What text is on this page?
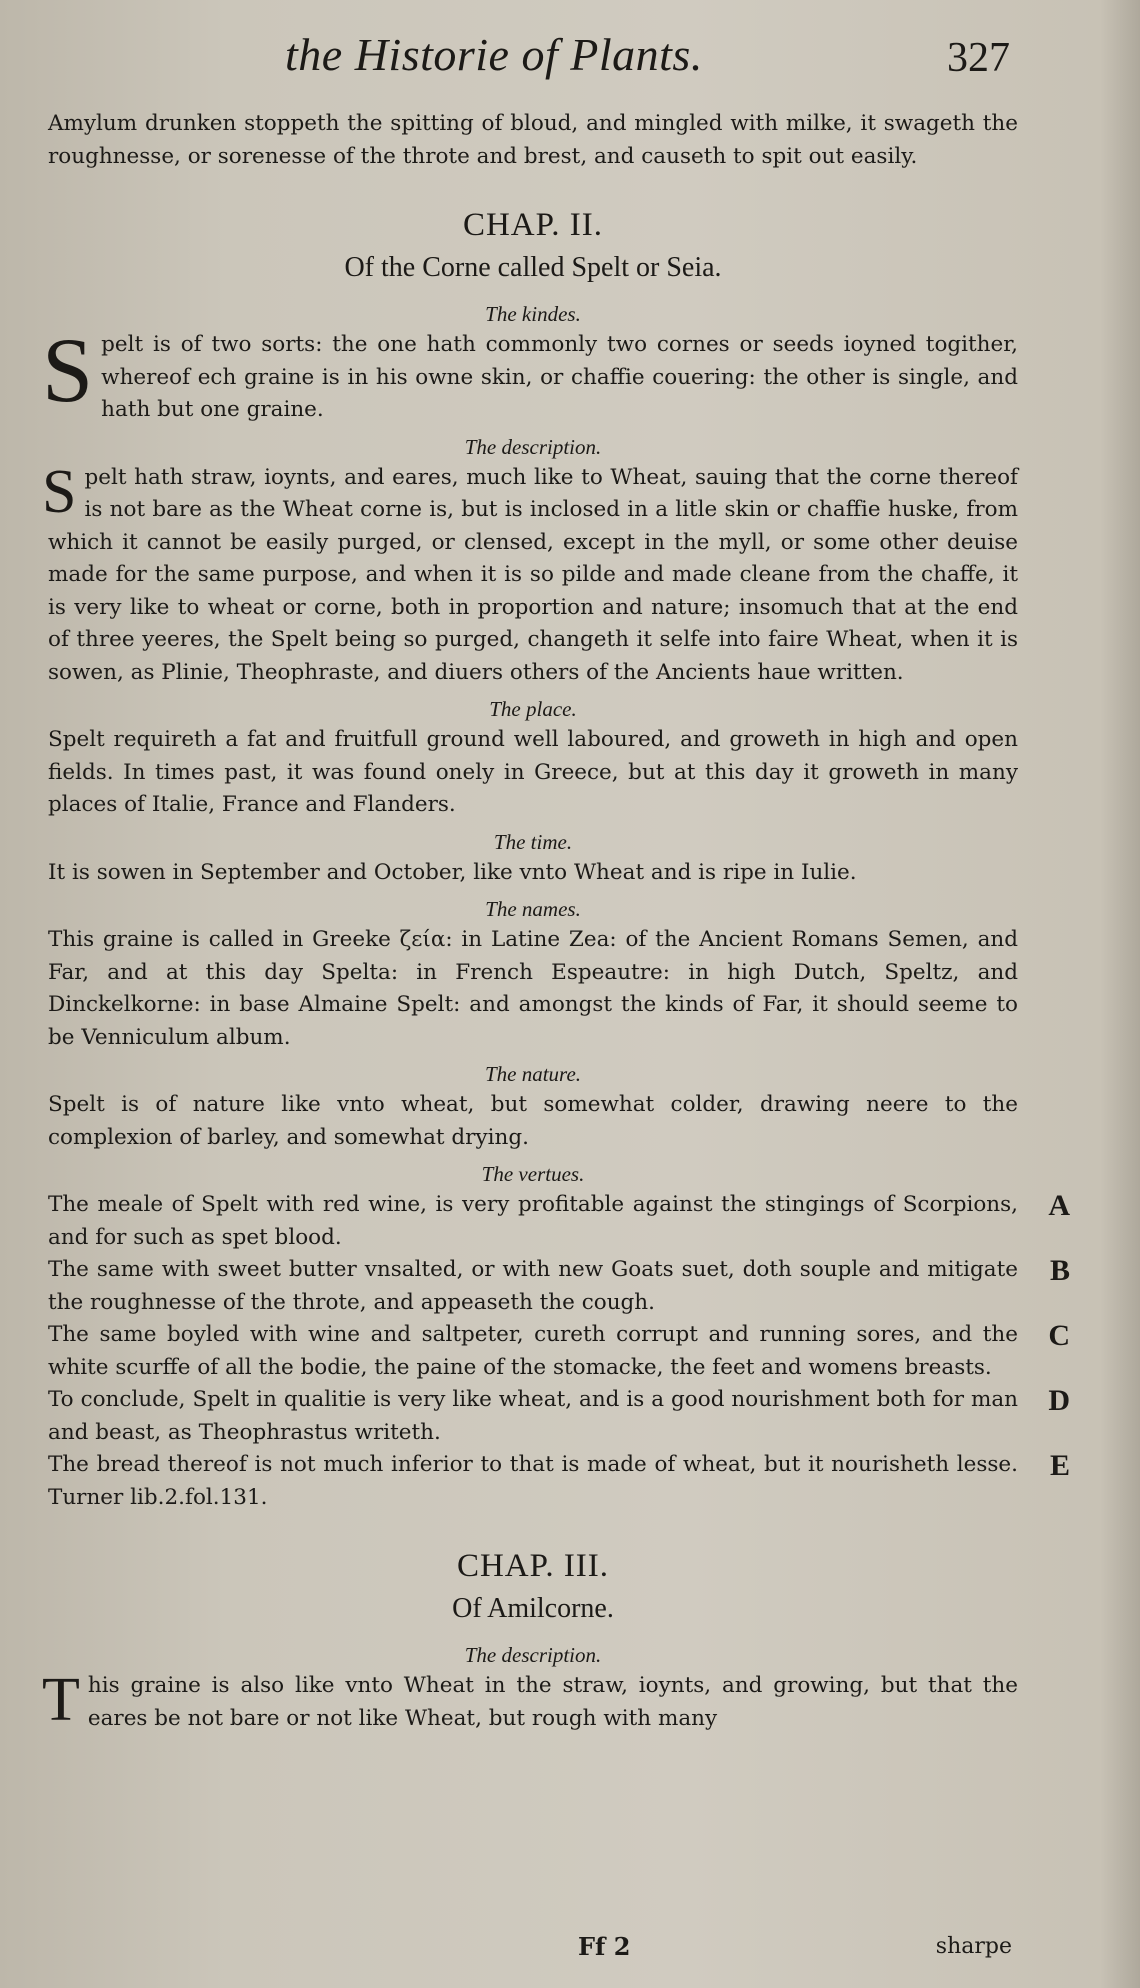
the Historie of Plants.	327

Amylum drunken stoppeth the spitting of bloud, and mingled with milke, it swageth the roughnesse, or sorenesse of the throte and brest, and causeth to spit out easily.

CHAP. II.
Of the Corne called Spelt or Seia.
The kindes.
S pelt is of two sorts: the one hath commonly two cornes or seeds ioyned togither, whereof ech graine is in his owne skin, or chaffie couering: the other is single, and hath but one graine.

The description.
S pelt hath straw, ioynts, and eares, much like to Wheat, sauing that the corne thereof is not bare as the Wheat corne is, but is inclosed in a litle skin or chaffie huske, from which it cannot be easily purged, or clensed, except in the myll, or some other deuise made for the same purpose, and when it is so pilde and made cleane from the chaffe, it is very like to wheat or corne, both in proportion and nature; insomuch that at the end of three yeeres, the Spelt being so purged, changeth it selfe into faire Wheat, when it is sowen, as Plinie, Theophraste, and diuers others of the Ancients haue written.

The place.

Spelt requireth a fat and fruitfull ground well laboured, and groweth in high and open fields. In times past, it was found onely in Greece, but at this day it groweth in many places of Italie, France and Flanders.

The time.

It is sowen in September and October, like vnto Wheat and is ripe in Iulie.

The names.

This graine is called in Greeke ζεία: in Latine Zea: of the Ancient Romans Semen, and Far, and at this day Spelta: in French Espeautre: in high Dutch, Speltz, and Dinckelkorne: in base Almaine Spelt: and amongst the kinds of Far, it should seeme to be Venniculum album.

The nature.

Spelt is of nature like vnto wheat, but somewhat colder, drawing neere to the complexion of barley, and somewhat drying.

The vertues.

The meale of Spelt with red wine, is very profitable against the stingings of Scorpions, and for such as spet blood.

A

The same with sweet butter vnsalted, or with new Goats suet, doth souple and mitigate the roughnesse of the throte, and appeaseth the cough.

B

The same boyled with wine and saltpeter, cureth corrupt and running sores, and the white scurffe of all the bodie, the paine of the stomacke, the feet and womens breasts.

C

To conclude, Spelt in qualitie is very like wheat, and is a good nourishment both for man and beast, as Theophrastus writeth.

D

The bread thereof is not much inferior to that is made of wheat, but it nourisheth lesse. Turner lib.2.fol.131.

E
CHAP. III.
Of Amilcorne.
The description.
T his graine is also like vnto Wheat in the straw, ioynts, and growing, but that the eares be not bare or not like Wheat, but rough with many

Ff 2	sharpe
